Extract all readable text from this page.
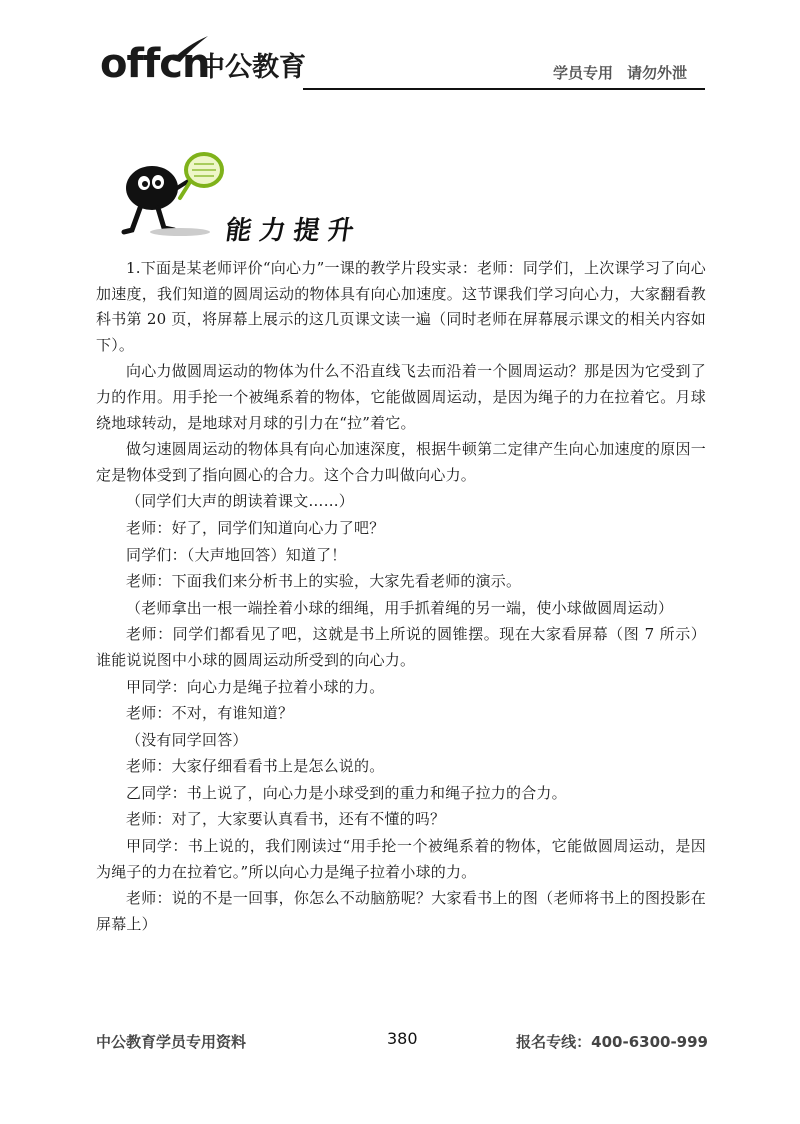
offcn
中公教育	学员专用 请勿外泄
能力提升

1.下面是某老师评价“向心力”一课的教学片段实录：老师：同学们，上次课学习了向心加速度，我们知道的圆周运动的物体具有向心加速度。这节课我们学习向心力，大家翻看教科书第 20 页，将屏幕上展示的这几页课文读一遍（同时老师在屏幕展示课文的相关内容如下）。

向心力做圆周运动的物体为什么不沿直线飞去而沿着一个圆周运动？那是因为它受到了力的作用。用手抡一个被绳系着的物体，它能做圆周运动，是因为绳子的力在拉着它。月球绕地球转动，是地球对月球的引力在“拉”着它。

做匀速圆周运动的物体具有向心加速深度，根据牛顿第二定律产生向心加速度的原因一定是物体受到了指向圆心的合力。这个合力叫做向心力。

（同学们大声的朗读着课文……）

老师：好了，同学们知道向心力了吧？

同学们：（大声地回答）知道了！

老师：下面我们来分析书上的实验，大家先看老师的演示。

（老师拿出一根一端拴着小球的细绳，用手抓着绳的另一端，使小球做圆周运动）

老师：同学们都看见了吧，这就是书上所说的圆锥摆。现在大家看屏幕（图 7 所示）谁能说说图中小球的圆周运动所受到的向心力。

甲同学：向心力是绳子拉着小球的力。

老师：不对，有谁知道？

（没有同学回答）

老师：大家仔细看看书上是怎么说的。

乙同学：书上说了，向心力是小球受到的重力和绳子拉力的合力。

老师：对了，大家要认真看书，还有不懂的吗？

甲同学：书上说的，我们刚读过“用手抡一个被绳系着的物体，它能做圆周运动，是因为绳子的力在拉着它。”所以向心力是绳子拉着小球的力。

老师：说的不是一回事，你怎么不动脑筋呢？大家看书上的图（老师将书上的图投影在屏幕上）

中公教育学员专用资料	380	报名专线：400-6300-999
